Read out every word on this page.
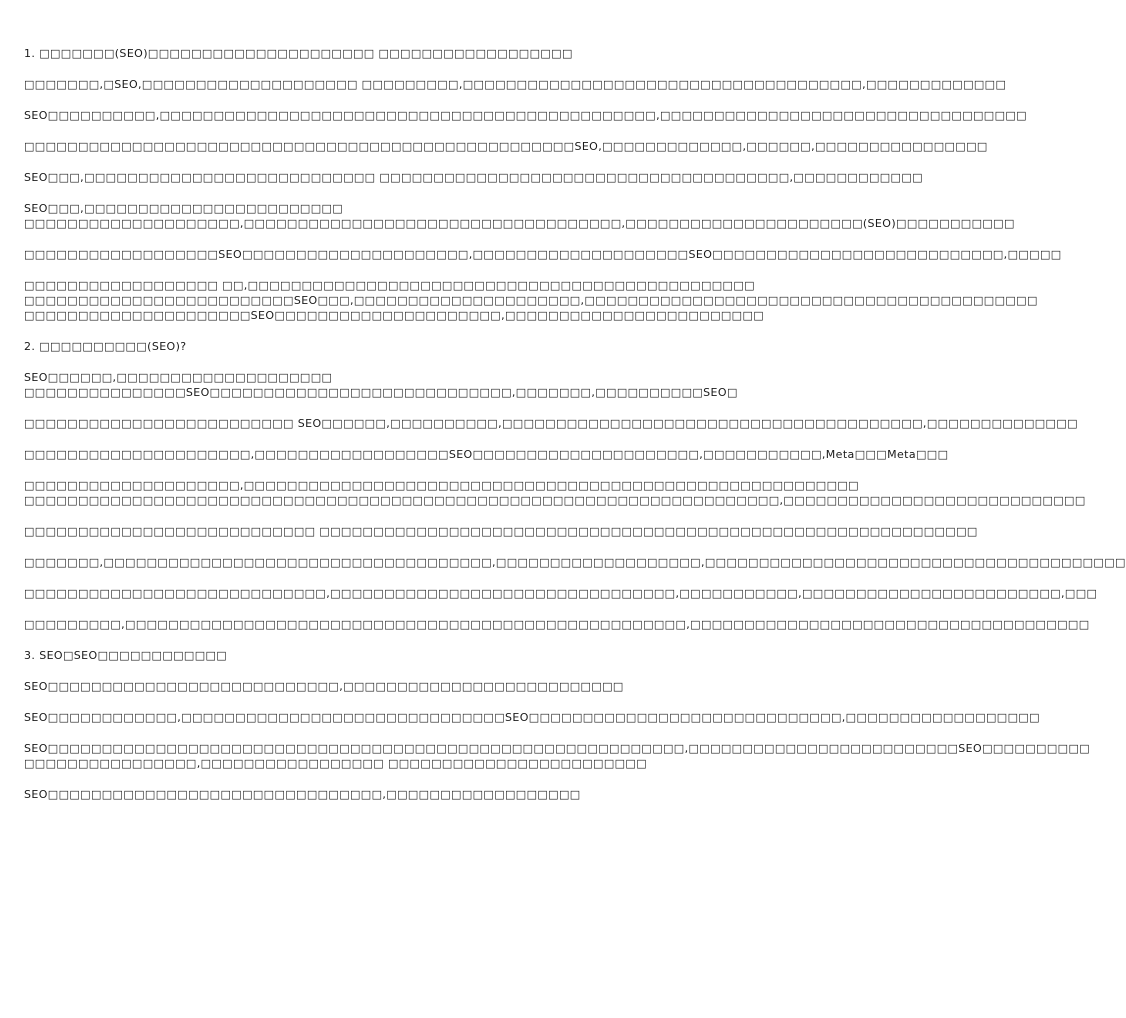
1. □□□□□□□(SEO)□□□□□□□□□□□□□□□□□□□□□ □□□□□□□□□□□□□□□□□□
□□□□□□□,□SEO,□□□□□□□□□□□□□□□□□□□□ □□□□□□□□□,□□□□□□□□□□□□□□□□□□□□□□□□□□□□□□□□□□□□□,□□□□□□□□□□□□□
SEO□□□□□□□□□□,□□□□□□□□□□□□□□□□□□□□□□□□□□□□□□□□□□□□□□□□□□□□□□,□□□□□□□□□□□□□□□□□□□□□□□□□□□□□□□□□□
□□□□□□□□□□□□□□□□□□□□□□□□□□□□□□□□□□□□□□□□□□□□□□□□□□□SEO,□□□□□□□□□□□□□,□□□□□□,□□□□□□□□□□□□□□□□
SEO□□□,□□□□□□□□□□□□□□□□□□□□□□□□□□□ □□□□□□□□□□□□□□□□□□□□□□□□□□□□□□□□□□□□□□,□□□□□□□□□□□□
SEO□□□,□□□□□□□□□□□□□□□□□□□□□□□□
□□□□□□□□□□□□□□□□□□□□,□□□□□□□□□□□□□□□□□□□□□□□□□□□□□□□□□□□,□□□□□□□□□□□□□□□□□□□□□□(SEO)□□□□□□□□□□□
□□□□□□□□□□□□□□□□□□SEO□□□□□□□□□□□□□□□□□□□□□,□□□□□□□□□□□□□□□□□□□□SEO□□□□□□□□□□□□□□□□□□□□□□□□□□□,□□□□□
□□□□□□□□□□□□□□□□□□ □□,□□□□□□□□□□□□□□□□□□□□□□□□□□□□□□□□□□□□□□□□□□□□□□□
□□□□□□□□□□□□□□□□□□□□□□□□□SEO□□□,□□□□□□□□□□□□□□□□□□□□□,□□□□□□□□□□□□□□□□□□□□□□□□□□□□□□□□□□□□□□□□□□
□□□□□□□□□□□□□□□□□□□□□SEO□□□□□□□□□□□□□□□□□□□□□,□□□□□□□□□□□□□□□□□□□□□□□□
2. □□□□□□□□□□(SEO)?
SEO□□□□□□,□□□□□□□□□□□□□□□□□□□□
□□□□□□□□□□□□□□□SEO□□□□□□□□□□□□□□□□□□□□□□□□□□□□,□□□□□□□,□□□□□□□□□□SEO□
□□□□□□□□□□□□□□□□□□□□□□□□□ SEO□□□□□□,□□□□□□□□□□,□□□□□□□□□□□□□□□□□□□□□□□□□□□□□□□□□□□□□□□,□□□□□□□□□□□□□□
□□□□□□□□□□□□□□□□□□□□□,□□□□□□□□□□□□□□□□□□SEO□□□□□□□□□□□□□□□□□□□□□,□□□□□□□□□□□,Meta□□□Meta□□□
□□□□□□□□□□□□□□□□□□□□,□□□□□□□□□□□□□□□□□□□□□□□□□□□□□□□□□□□□□□□□□□□□□□□□□□□□□□□□□
□□□□□□□□□□□□□□□□□□□□□□□□□□□□□□□□□□□□□□□□□□□□□□□□□□□□□□□□□□□□□□□□□□□□□□,□□□□□□□□□□□□□□□□□□□□□□□□□□□□
□□□□□□□□□□□□□□□□□□□□□□□□□□□ □□□□□□□□□□□□□□□□□□□□□□□□□□□□□□□□□□□□□□□□□□□□□□□□□□□□□□□□□□□□□
□□□□□□□,□□□□□□□□□□□□□□□□□□□□□□□□□□□□□□□□□□□□,□□□□□□□□□□□□□□□□□□□,□□□□□□□□□□□□□□□□□□□□□□□□□□□□□□□□□□□□□□□
□□□□□□□□□□□□□□□□□□□□□□□□□□□□,□□□□□□□□□□□□□□□□□□□□□□□□□□□□□□□□,□□□□□□□□□□□,□□□□□□□□□□□□□□□□□□□□□□□□,□□□
□□□□□□□□□,□□□□□□□□□□□□□□□□□□□□□□□□□□□□□□□□□□□□□□□□□□□□□□□□□□□□,□□□□□□□□□□□□□□□□□□□□□□□□□□□□□□□□□□□□□
3. SEO□SEO□□□□□□□□□□□□
SEO□□□□□□□□□□□□□□□□□□□□□□□□□□□,□□□□□□□□□□□□□□□□□□□□□□□□□□
SEO□□□□□□□□□□□□,□□□□□□□□□□□□□□□□□□□□□□□□□□□□□□SEO□□□□□□□□□□□□□□□□□□□□□□□□□□□□□,□□□□□□□□□□□□□□□□□□
SEO□□□□□□□□□□□□□□□□□□□□□□□□□□□□□□□□□□□□□□□□□□□□□□□□□□□□□□□□□□□,□□□□□□□□□□□□□□□□□□□□□□□□□SEO□□□□□□□□□□
□□□□□□□□□□□□□□□□,□□□□□□□□□□□□□□□□□ □□□□□□□□□□□□□□□□□□□□□□□□
SEO□□□□□□□□□□□□□□□□□□□□□□□□□□□□□□□,□□□□□□□□□□□□□□□□□□
